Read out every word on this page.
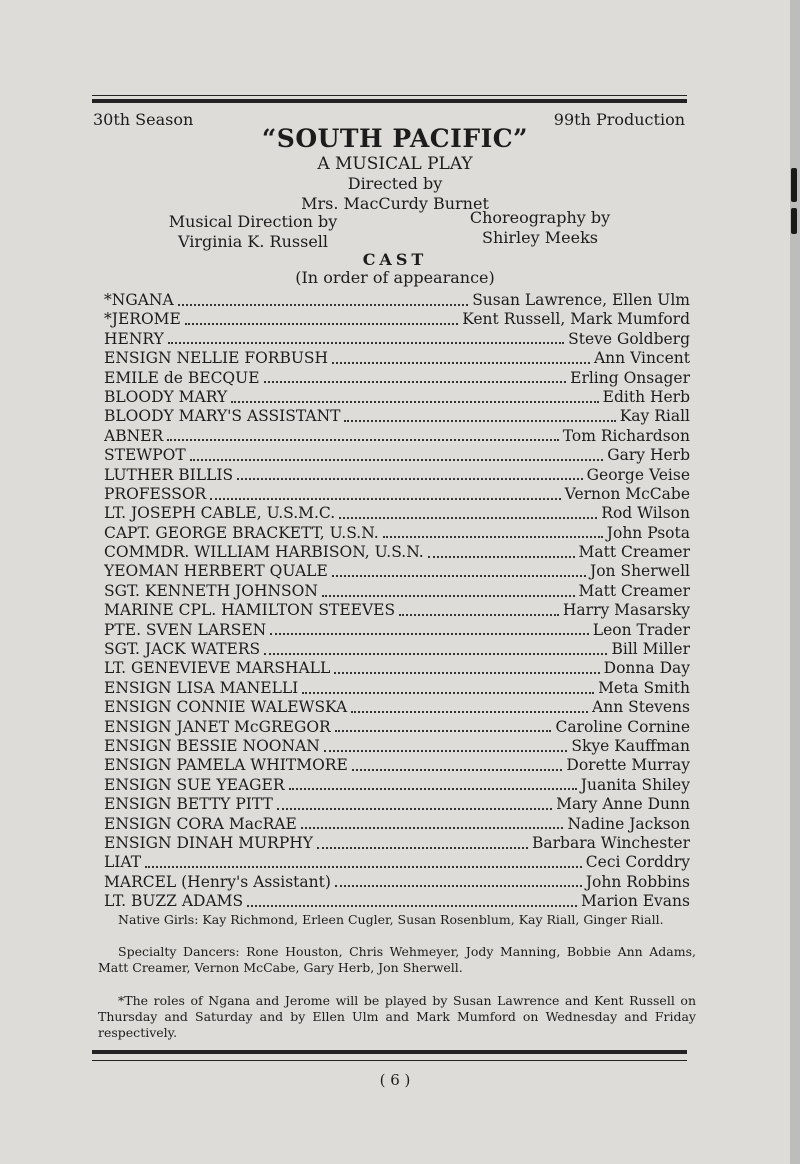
30th Season	99th Production
“SOUTH PACIFIC”
A MUSICAL PLAY
Directed by
Mrs. MacCurdy Burnet
Musical Direction by
Virginia K. Russell
Choreography by
Shirley Meeks
CAST
(In order of appearance)
*NGANA	Susan Lawrence, Ellen Ulm
*JEROME	Kent Russell, Mark Mumford
HENRY	Steve Goldberg
ENSIGN NELLIE FORBUSH	Ann Vincent
EMILE de BECQUE	Erling Onsager
BLOODY MARY	Edith Herb
BLOODY MARY'S ASSISTANT	Kay Riall
ABNER	Tom Richardson
STEWPOT	Gary Herb
LUTHER BILLIS	George Veise
PROFESSOR	Vernon McCabe
LT. JOSEPH CABLE, U.S.M.C.	Rod Wilson
CAPT. GEORGE BRACKETT, U.S.N.	John Psota
COMMDR. WILLIAM HARBISON, U.S.N.	Matt Creamer
YEOMAN HERBERT QUALE	Jon Sherwell
SGT. KENNETH JOHNSON	Matt Creamer
MARINE CPL. HAMILTON STEEVES	Harry Masarsky
PTE. SVEN LARSEN	Leon Trader
SGT. JACK WATERS	Bill Miller
LT. GENEVIEVE MARSHALL	Donna Day
ENSIGN LISA MANELLI	Meta Smith
ENSIGN CONNIE WALEWSKA	Ann Stevens
ENSIGN JANET McGREGOR	Caroline Cornine
ENSIGN BESSIE NOONAN	Skye Kauffman
ENSIGN PAMELA WHITMORE	Dorette Murray
ENSIGN SUE YEAGER	Juanita Shiley
ENSIGN BETTY PITT	Mary Anne Dunn
ENSIGN CORA MacRAE	Nadine Jackson
ENSIGN DINAH MURPHY	Barbara Winchester
LIAT	Ceci Corddry
MARCEL (Henry's Assistant)	John Robbins
LT. BUZZ ADAMS	Marion Evans

Native Girls: Kay Richmond, Erleen Cugler, Susan Rosenblum, Kay Riall, Ginger Riall.

Specialty Dancers: Rone Houston, Chris Wehmeyer, Jody Manning, Bobbie Ann Adams, Matt Creamer, Vernon McCabe, Gary Herb, Jon Sherwell.

*The roles of Ngana and Jerome will be played by Susan Lawrence and Kent Russell on Thursday and Saturday and by Ellen Ulm and Mark Mumford on Wednesday and Friday respectively.

( 6 )
